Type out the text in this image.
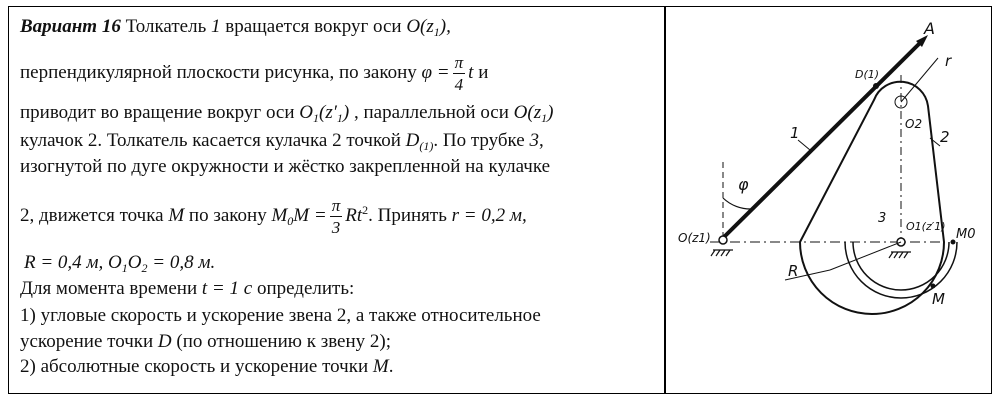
Вариант 16 Толкатель 1 вращается вокруг оси $O(z_1)$,
перпендикулярной плоскости рисунка, по закону $\varphi = \frac{\pi}{4}$ t и
приводит во вращение вокруг оси $O_1(z'_1)$ , параллельной оси $O(z_1)$
кулачок 2. Толкатель касается кулачка 2 точкой $D_{(1)}$. По трубке 3,
изогнутой по дуге окружности и жёстко закрепленной на кулачке
2, движется точка M по закону $M_0M = \frac{\pi}{3} Rt^2$. Принять r = 0,2 м,
R = 0,4 м, $O_1O_2 = 0,8$ м.
Для момента времени t = 1 с определить:
1) угловые скорость и ускорение звена 2, а также относительное
ускорение точки D (по отношению к звену 2);
2) абсолютные скорость и ускорение точки M.
A
r
D(1)
O2
2
1
φ
3
O1(z′1)
M0
O(z1)
R
M
